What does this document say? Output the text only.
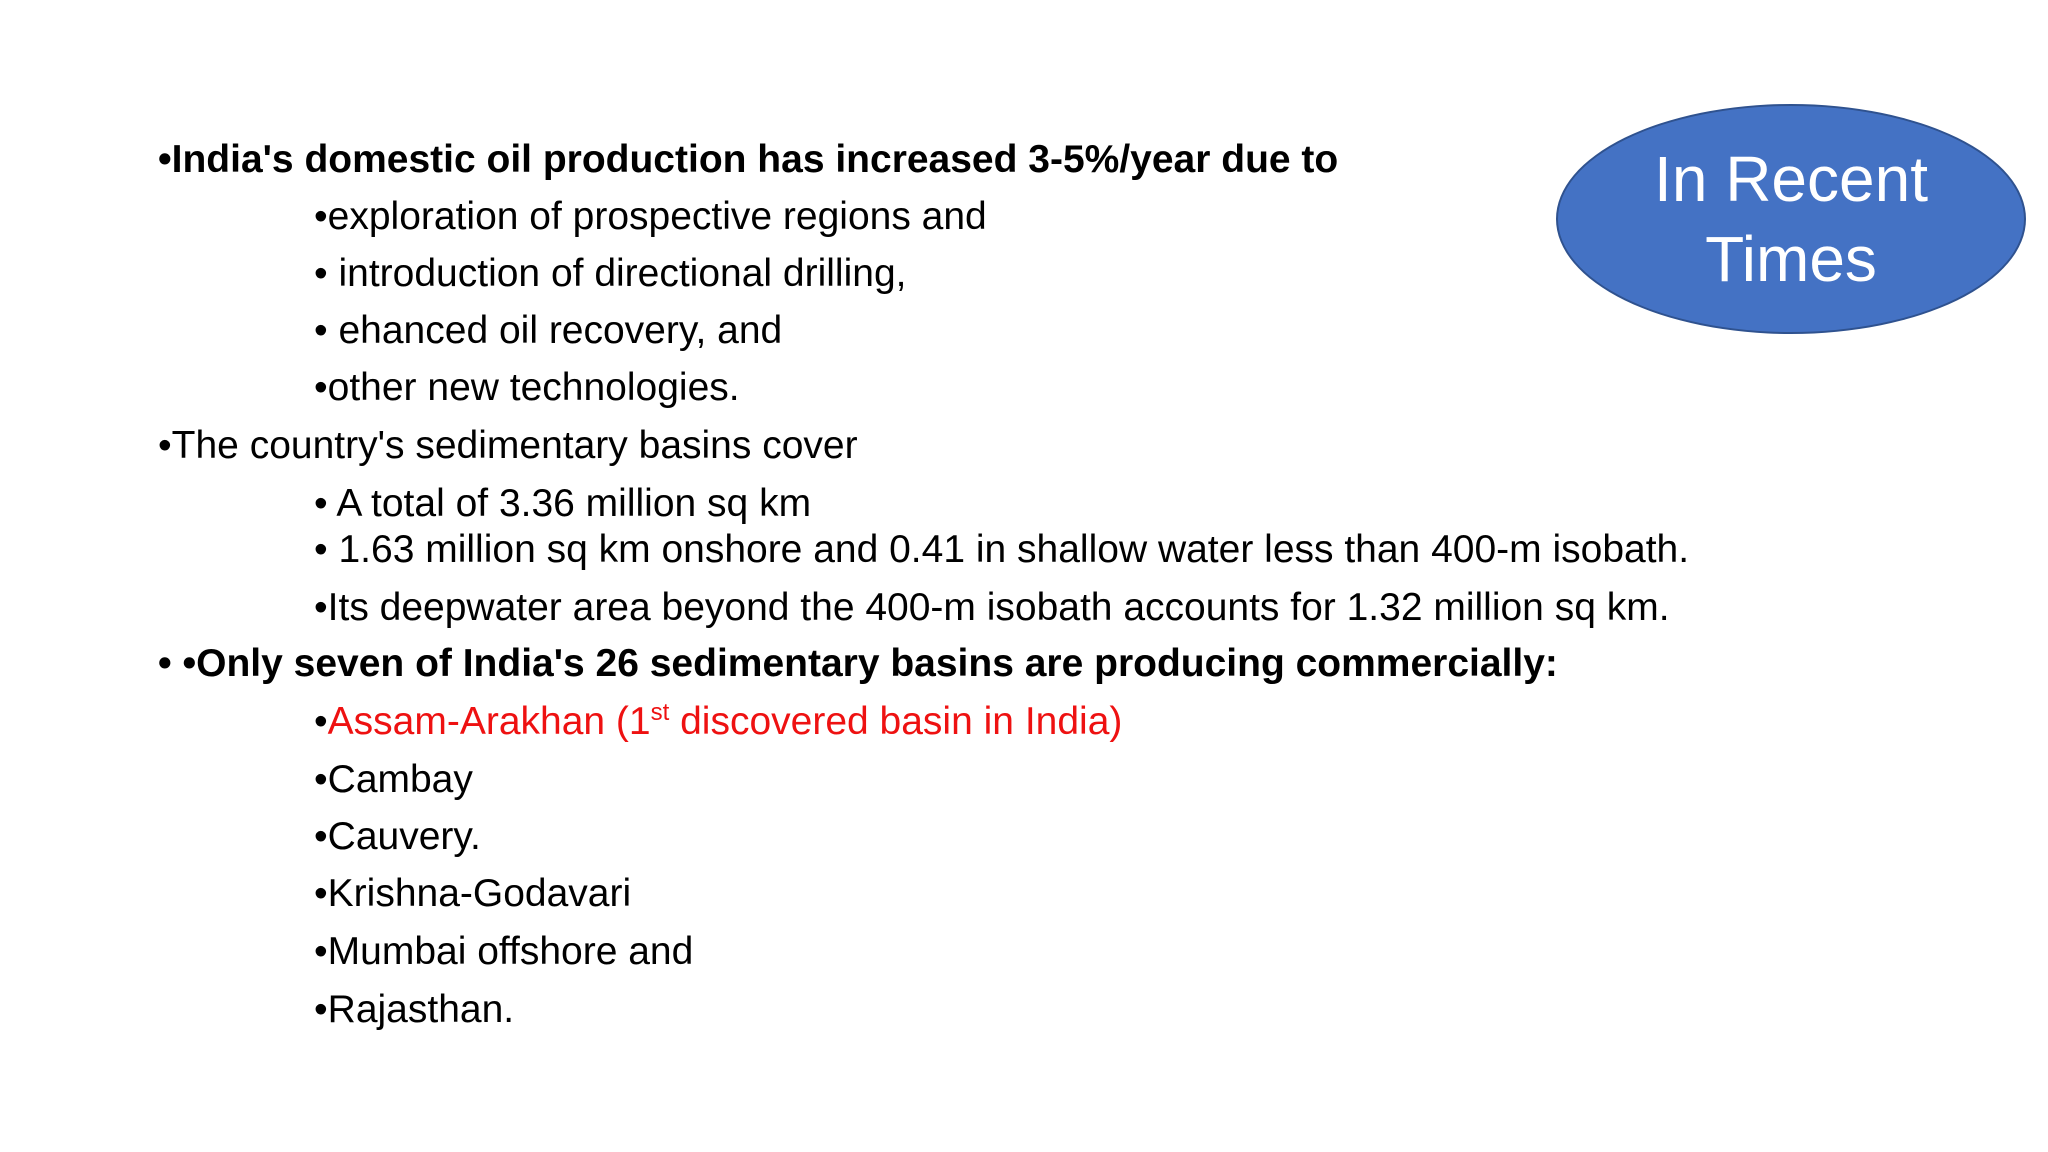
In Recent
Times
•India's domestic oil production has increased 3-5%/year due to
•exploration of prospective regions and
• introduction of directional drilling,
• ehanced oil recovery, and
•other new technologies.
•The country's sedimentary basins cover
• A total of 3.36 million sq km
• 1.63 million sq km onshore and 0.41 in shallow water less than 400-m isobath.
•Its deepwater area beyond the 400-m isobath accounts for 1.32 million sq km.
• •Only seven of India's 26 sedimentary basins are producing commercially:
•Assam-Arakhan (1st discovered basin in India)
•Cambay
•Cauvery.
•Krishna-Godavari
•Mumbai offshore and
•Rajasthan.
